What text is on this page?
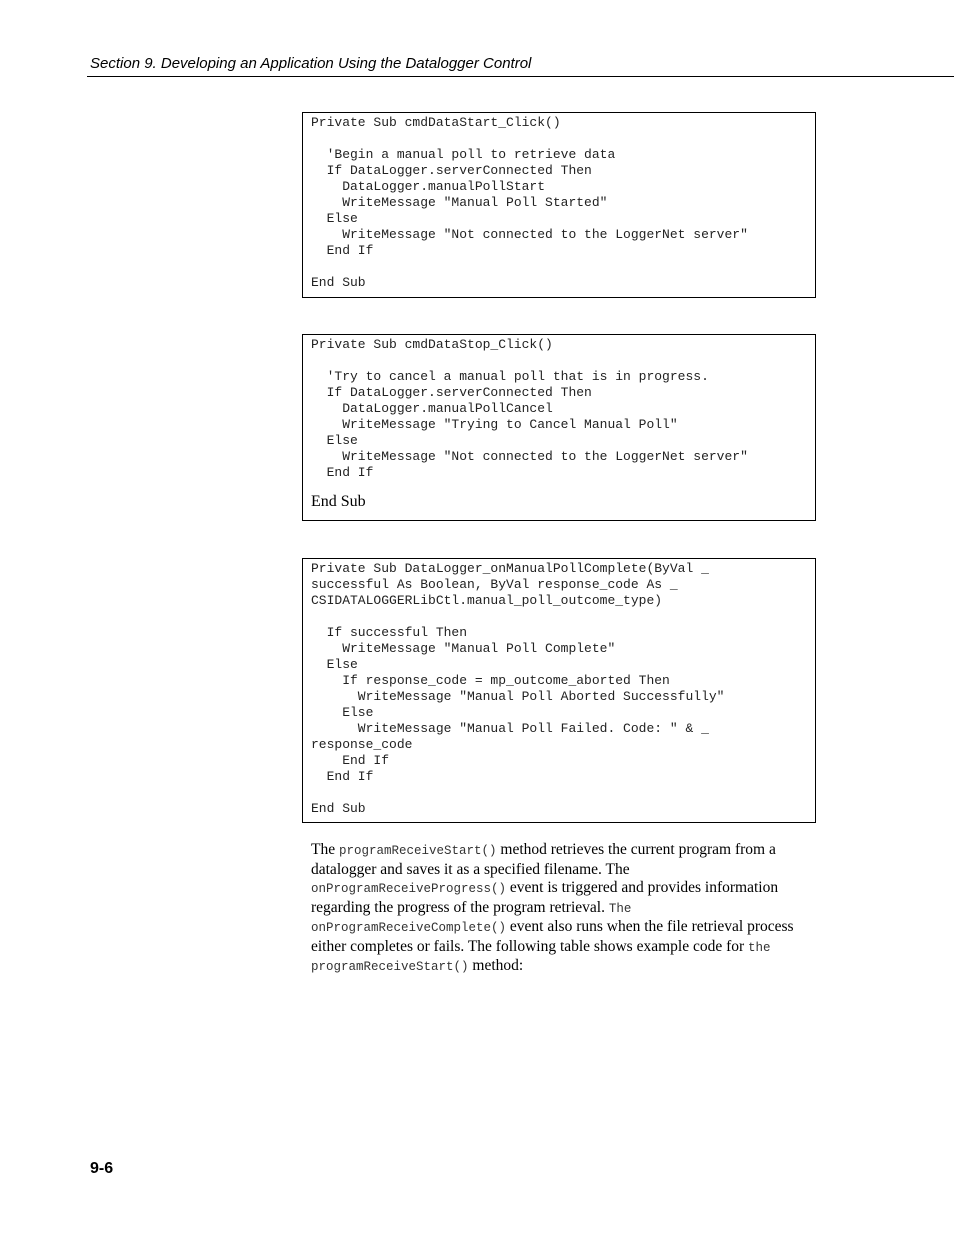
Section 9. Developing an Application Using the Datalogger Control
Private Sub cmdDataStart_Click()

'Begin a manual poll to retrieve data
If DataLogger.serverConnected Then
DataLogger.manualPollStart
WriteMessage "Manual Poll Started"
Else
WriteMessage "Not connected to the LoggerNet server"
End If

End Sub
Private Sub cmdDataStop_Click()

'Try to cancel a manual poll that is in progress.
If DataLogger.serverConnected Then
DataLogger.manualPollCancel
WriteMessage "Trying to Cancel Manual Poll"
Else
WriteMessage "Not connected to the LoggerNet server"
End If
End Sub
Private Sub DataLogger_onManualPollComplete(ByVal _
successful As Boolean, ByVal response_code As _
CSIDATALOGGERLibCtl.manual_poll_outcome_type)

If successful Then
WriteMessage "Manual Poll Complete"
Else
If response_code = mp_outcome_aborted Then
WriteMessage "Manual Poll Aborted Successfully"
Else
WriteMessage "Manual Poll Failed. Code: " & _
response_code
End If
End If

End Sub

The programReceiveStart() method retrieves the current program from a datalogger and saves it as a specified filename. The onProgramReceiveProgress() event is triggered and provides information regarding the progress of the program retrieval. The onProgramReceiveComplete() event also runs when the file retrieval process either completes or fails. The following table shows example code for the programReceiveStart() method:

9-6
